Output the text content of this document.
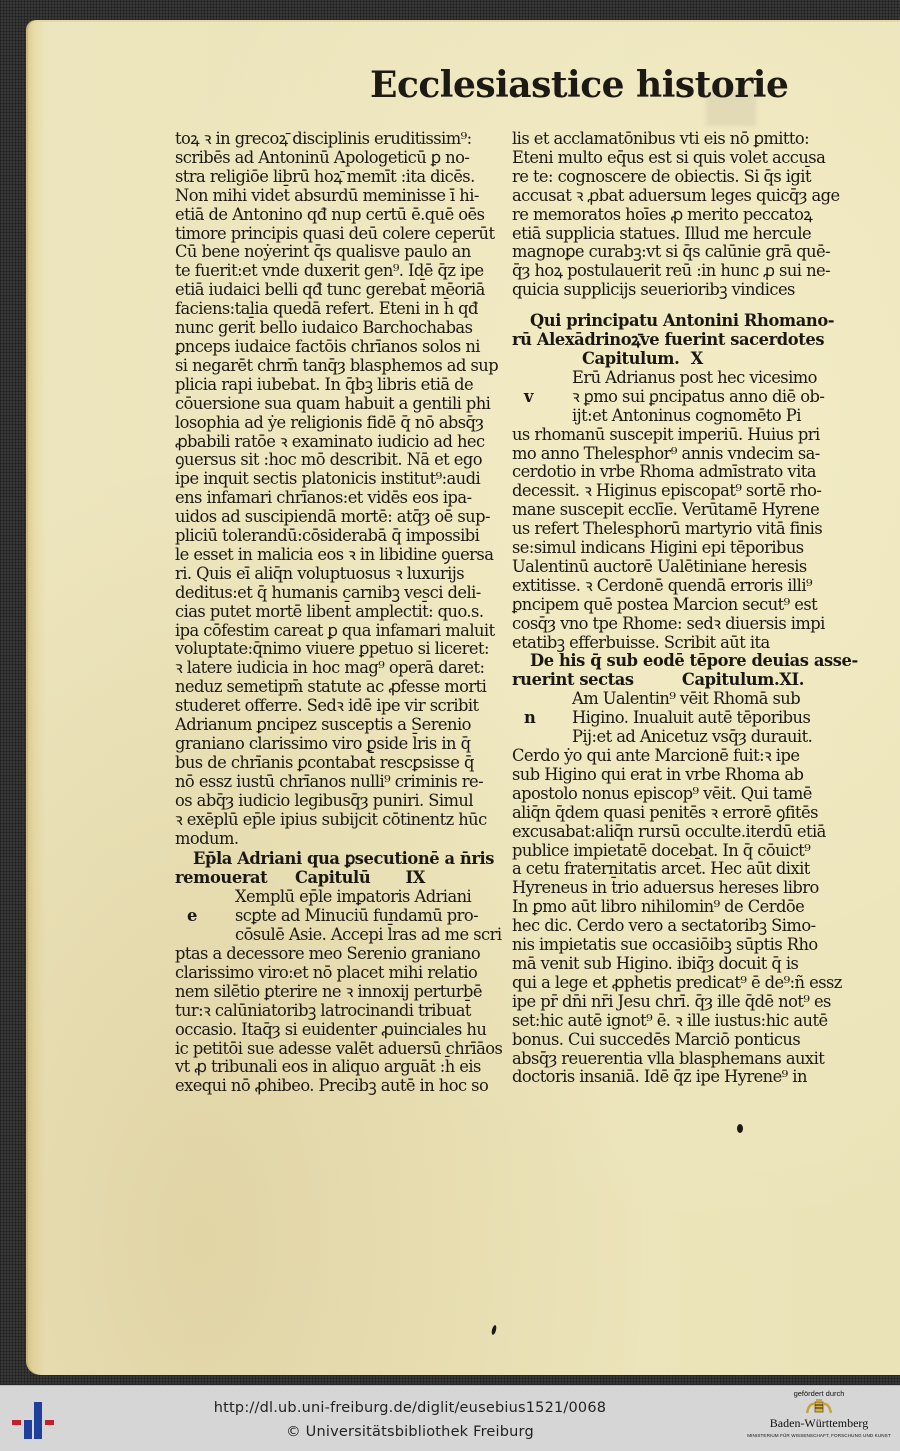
Ecclesiastice historie
toꝝ ꝛ in grecoꝝ̄ disciplinis eruditissim⁹:
scribēs ad Antoninū Apologeticū ꝑ no-
stra religiōe librū hoꝝ̄ memīt :ita dicēs.
Non mihi videt̄ absurdū meminisse ī hi-
etiā de Antonino qđ nup certū ē.quē oēs
timore principis quasi deū colere ceperūt
Cū bene noẏerint q̄s qualisve paulo an
te fuerit:et vnde duxerit gen⁹. Idē q̄z ipe
etiā iudaici belli qđ tunc gerebat̄ mēoriā
faciens:talia quedā refert. Eteni in h̄ qđ
nunc gerit̄ bello iudaico Barchochabas
ꝑnceps iudaice factōis chrīanos solos ni
si negarēt chrm̄ tanq̄ȝ blasphemos ad sup
plicia rapi iubebat. In q̄bꝫ libris etiā de
cōuersione sua quam habuit a gentili phi
losophia ad ẏe religionis fidē q̄ nō absq̄ȝ
ꝓbabili ratōe ꝛ examinato iudicio ad hec
ꝯuersus sit :hoc mō describit. Nā et ego
ipe inquit sectis platonicis institut⁹:audi
ens infamari chrīanos:et vidēs eos ipa-
uidos ad suscipiendā mortē: atq̄ȝ oē sup-
pliciū tolerandū:cōsiderabā q̄ impossibi
le esset in malicia eos ꝛ in libidine ꝯuersa
ri. Quis eī aliq̄n voluptuosus ꝛ luxurijs
deditus:et q̄ humanis carnibꝫ vesci deli-
cias putet mortē libent̄ amplectit̄: quo.s.
ipa cōfestim careat ꝑ qua infamari maluit
voluptate:q̄nimo viuere ꝑpetuo si liceret:
ꝛ latere iudicia in hoc mag⁹ operā daret:
neduz semetipm̄ statute ac ꝓfesse morti
studeret offerre. Sedꝛ idē ipe vir scribit
Adrianum ꝑncipez susceptis a Serenio
graniano clarissimo viro ꝑside l̄ris in q̄
bus de chrīanis ꝑcontabat̄ rescꝑsisse q̄
nō essz iustū chrīanos nulli⁹ criminis re-
os abq̄ȝ iudicio legibusq̄ȝ puniri. Simul
ꝛ exēplū ep̄le ipius subijcit cōtinentz hūc
modum.
Ep̄la Adriani qua ꝑsecutionē a n̄ris
remouerat Capitulū IX
Xemplū ep̄le imꝑatoris Adriani
e scꝑte ad Minuciū fundamū pro-
cōsulē Asie. Accepi l̄ras ad me scri
ptas a decessore meo Serenio graniano
clarissimo viro:et nō placet mihi relatio
nem silētio ꝑterire ne ꝛ innoxij perturbē
tur:ꝛ calūniatoribꝫ latrocinandi tribuat̄
occasio. Itaq̄ȝ si euidenter ꝓuinciales hu
ic petitōi sue adesse valēt aduersū chrīāos
vt ꝓ tribunali eos in aliquo arguāt :h̄ eis
exequi nō ꝓhibeo. Precibꝫ autē in hoc so
lis et acclamatōnibus vti eis nō ꝑmitto:
Eteni multo eq̄us est si quis volet accusa
re te: cognoscere de obiectis. Si q̄s igit̄
accusat ꝛ ꝓbat aduersum leges quicq̄ȝ age
re memoratos hoīes ꝓ merito peccatoꝝ
etiā supplicia statues. Illud me hercule
magnoꝑe curabꝫ:vt si q̄s calūnie grā quē-
q̄ȝ hoꝝ postulauerit reū :in hunc ꝓ sui ne-
quicia supplicijs seuerioribꝫ vindices
Qui principatu Antonini Rhomano-
rū Alexādrinoꝝ̄ve fuerint sacerdotes
Capitulum. X
Erū Adrianus post hec vicesimo
v ꝛ ꝑmo sui ꝑncipatus anno diē ob-
ijt:et Antoninus cognomēto Pi
us rhomanū suscepit imperiū. Huius pri
mo anno Thelesphor⁹ annis vndecim sa-
cerdotio in vrbe Rhoma admīstrato vita
decessit. ꝛ Higinus episcopat⁹ sortē rho-
mane suscepit ecclīe. Verūtamē Hyrene
us refert Thelesphorū martyrio vitā finis
se:simul indicans Higini epi tēporibus
Ualentinū auctorē Ualētiniane heresis
extitisse. ꝛ Cerdonē quendā erroris illi⁹
ꝑncipem quē postea Marcion secut⁹ est
cosq̄ȝ vno tpe Rhome: sedꝛ diuersis impi
etatibꝫ efferbuisse. Scribit aūt ita
De his q̄ sub eodē tēpore deuias asse-
ruerint sectas	Capitulum.XI.
Am Ualentin⁹ vēit Rhomā sub
n Higino. Inualuit autē tēporibus
Pij:et ad Anicetuz vsq̄ȝ durauit.
Cerdo ẏo qui ante Marcionē fuit:ꝛ ipe
sub Higino qui erat in vrbe Rhoma ab
apostolo nonus episcop⁹ vēit. Qui tamē
aliq̄n q̄dem quasi penitēs ꝛ errorē ꝯfitēs
excusabat:aliq̄n rursū occulte.iterdū etiā
publice impietatē docebat. In q̄ cōuict⁹
a cetu fraternitatis arcet̄. Hec aūt dixit
Hyreneus in t̄rio aduersus hereses libro
In ꝑmo aūt libro nihilomin⁹ de Cerdōe
hec dic. Cerdo vero a sectatoribꝫ Simo-
nis impietatis sue occasiōibꝫ sūptis Rho
mā venit sub Higino. ibiq̄ȝ docuit q̄ is
qui a lege et ꝓphetis predicat⁹ ē de⁹:ñ essz
ipe pr̄ dn̄i nr̄i Jesu chrī. q̄ȝ ille q̄dē not⁹ es
set:hic autē ignot⁹ ē. ꝛ ille iustus:hic autē
bonus. Cui succedēs Marciō ponticus
absq̄ȝ reuerentia vlla blasphemans auxit
doctoris insaniā. Idē q̄z ipe Hyrene⁹ in
http://dl.ub.uni-freiburg.de/diglit/eusebius1521/0068
© Universitätsbibliothek Freiburg
gefördert durch
Baden-Württemberg
MINISTERIUM FÜR WISSENSCHAFT, FORSCHUNG UND KUNST
